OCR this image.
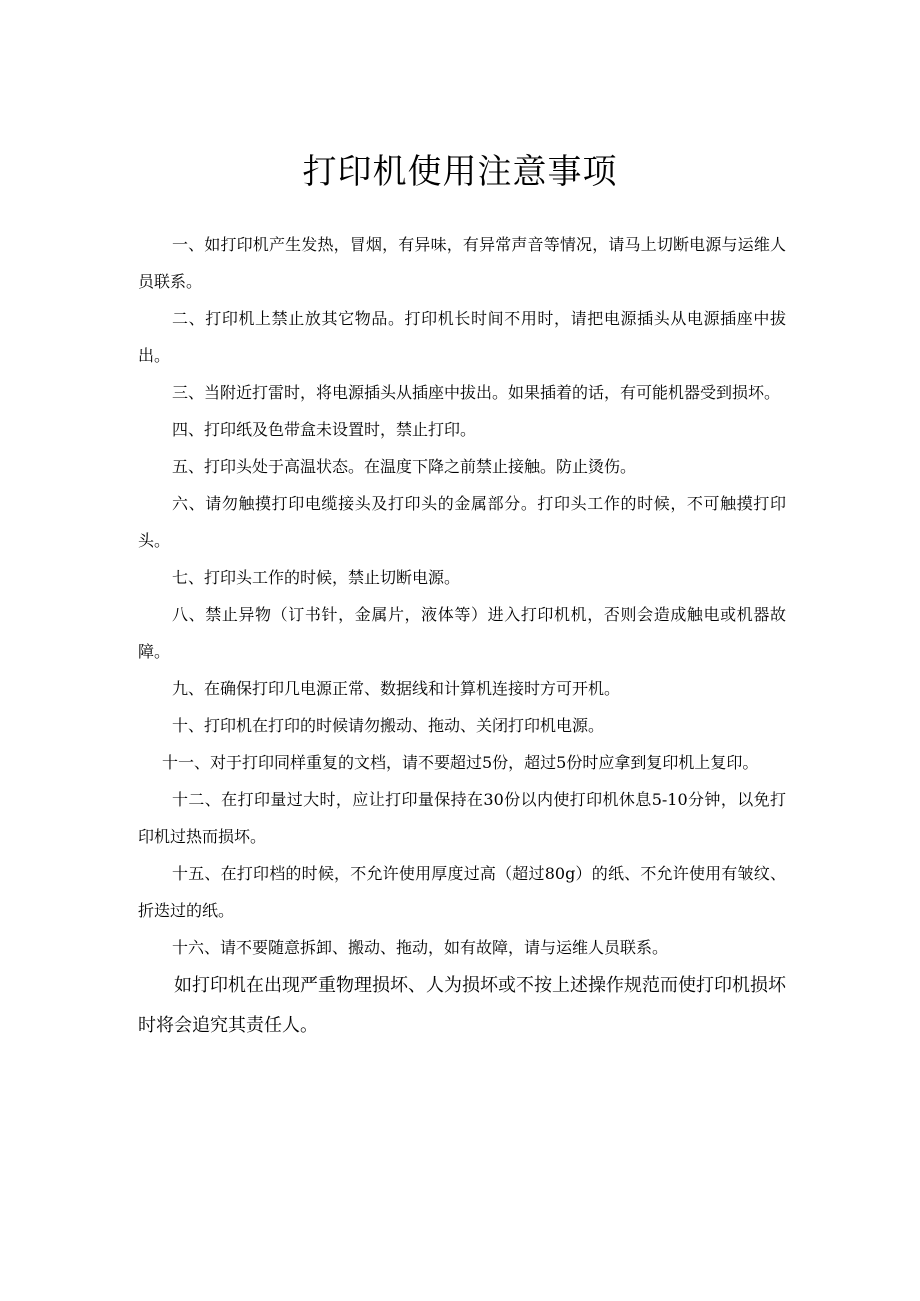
打印机使用注意事项

一、如打印机产生发热，冒烟，有异味，有异常声音等情况，请马上切断电源与运维人员联系。

二、打印机上禁止放其它物品。打印机长时间不用时，请把电源插头从电源插座中拔出。

三、当附近打雷时，将电源插头从插座中拔出。如果插着的话，有可能机器受到损坏。

四、打印纸及色带盒未设置时，禁止打印。

五、打印头处于高温状态。在温度下降之前禁止接触。防止烫伤。

六、请勿触摸打印电缆接头及打印头的金属部分。打印头工作的时候，不可触摸打印头。

七、打印头工作的时候，禁止切断电源。

八、禁止异物（订书针，金属片，液体等）进入打印机机，否则会造成触电或机器故障。

九、在确保打印几电源正常、数据线和计算机连接时方可开机。

十、打印机在打印的时候请勿搬动、拖动、关闭打印机电源。

十一、对于打印同样重复的文档，请不要超过5份，超过5份时应拿到复印机上复印。

十二、在打印量过大时，应让打印量保持在30份以内使打印机休息5-10分钟，以免打印机过热而损坏。

十五、在打印档的时候，不允许使用厚度过高（超过80g）的纸、不允许使用有皱纹、折迭过的纸。

十六、请不要随意拆卸、搬动、拖动，如有故障，请与运维人员联系。

如打印机在出现严重物理损坏、人为损坏或不按上述操作规范而使打印机损坏时将会追究其责任人。
